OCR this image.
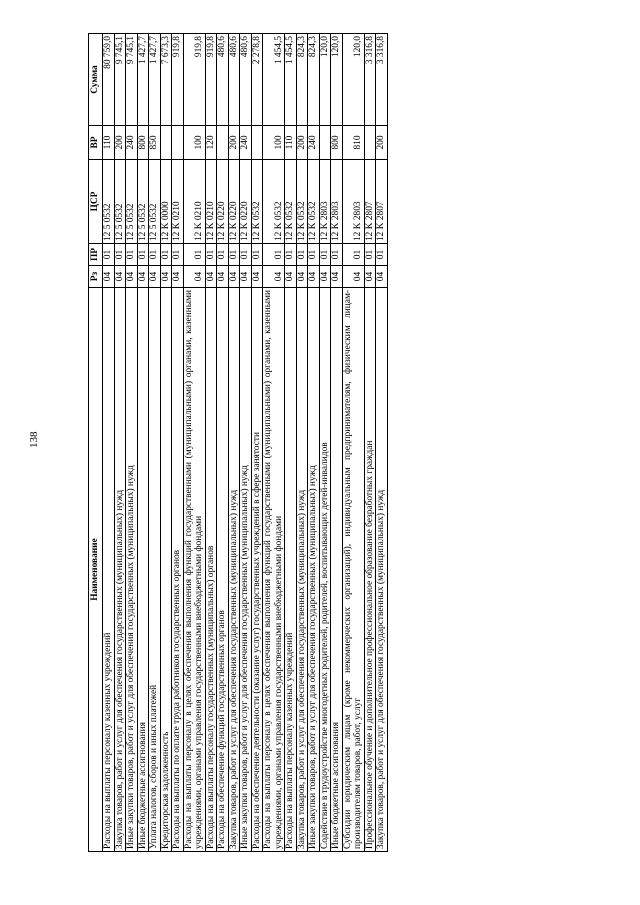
138
Наименование	Рз	ПР	ЦСР	ВР	Сумма
Расходы на выплаты персоналу казенных учреждений	04	01	12 5 0532	110	80 759,0
Закупка товаров, работ и услуг для обеспечения государственных (муниципальных) нужд	04	01	12 5 0532	200	9 745,1
Иные закупки товаров, работ и услуг для обеспечения государственных (муниципальных) нужд	04	01	12 5 0532	240	9 745,1
Иные бюджетные ассигнования	04	01	12 5 0532	800	1 427,7
Уплата налогов, сборов и иных платежей	04	01	12 5 0532	850	1 427,7
Кредиторская задолженность	04	01	12 K 0000		7 673,3
Расходы на выплаты по оплате труда работников государственных органов	04	01	12 K 0210		919,8
Расходы на выплаты персоналу в целях обеспечения выполнения функций государственными (муниципальными) органами, казенными учреждениями, органами управления государственными внебюджетными фондами	04	01	12 K 0210	100	919,8
Расходы на выплаты персоналу государственных (муниципальных) органов	04	01	12 K 0210	120	919,8
Расходы на обеспечение функций государственных органов	04	01	12 K 0220		480,6
Закупка товаров, работ и услуг для обеспечения государственных (муниципальных) нужд	04	01	12 K 0220	200	480,6
Иные закупки товаров, работ и услуг для обеспечения государственных (муниципальных) нужд	04	01	12 K 0220	240	480,6
Расходы на обеспечение деятельности (оказание услуг) государственных учреждений в сфере занятости	04	01	12 K 0532		2 278,8
Расходы на выплаты персоналу в целях обеспечения выполнения функций государственными (муниципальными) органами, казенными учреждениями, органами управления государственными внебюджетными фондами	04	01	12 K 0532	100	1 454,5
Расходы на выплаты персоналу казенных учреждений	04	01	12 K 0532	110	1 454,5
Закупка товаров, работ и услуг для обеспечения государственных (муниципальных) нужд	04	01	12 K 0532	200	824,3
Иные закупки товаров, работ и услуг для обеспечения государственных (муниципальных) нужд	04	01	12 K 0532	240	824,3
Содействие в трудоустройстве многодетных родителей, родителей, воспитывающих детей-инвалидов	04	01	12 K 2803		120,0
Иные бюджетные ассигнования	04	01	12 K 2803	800	120,0
Субсидии юридическим лицам (кроме некоммерческих организаций), индивидуальным предпринимателям, физическим лицам-производителям товаров, работ, услуг	04	01	12 K 2803	810	120,0
Профессиональное обучение и дополнительное профессиональное образование безработных граждан	04	01	12 K 2807		3 316,8
Закупка товаров, работ и услуг для обеспечения государственных (муниципальных) нужд	04	01	12 K 2807	200	3 316,8
